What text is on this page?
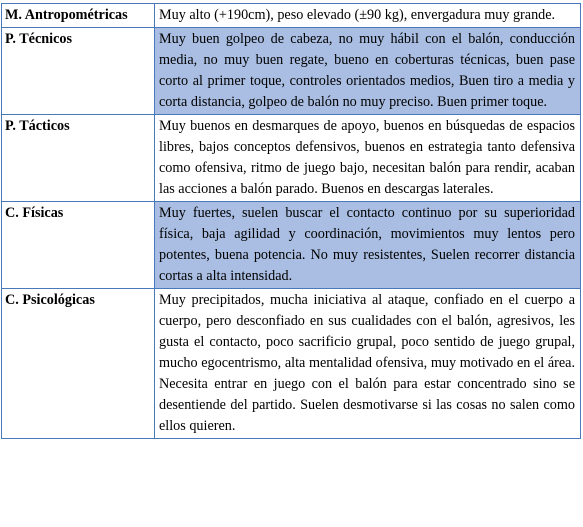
M. Antropométricas	Muy alto (+190cm), peso elevado (±90 kg), envergadura muy grande.
P. Técnicos	Muy buen golpeo de cabeza, no muy hábil con el balón, conducción media, no muy buen regate, bueno en coberturas técnicas, buen pase corto al primer toque, controles orientados medios, Buen tiro a media y corta distancia, golpeo de balón no muy preciso. Buen primer toque.
P. Tácticos	Muy buenos en desmarques de apoyo, buenos en búsquedas de espacios libres, bajos conceptos defensivos, buenos en estrategia tanto defensiva como ofensiva, ritmo de juego bajo, necesitan balón para rendir, acaban las acciones a balón parado. Buenos en descargas laterales.
C. Físicas	Muy fuertes, suelen buscar el contacto continuo por su superioridad física, baja agilidad y coordinación, movimientos muy lentos pero potentes, buena potencia. No muy resistentes, Suelen recorrer distancia cortas a alta intensidad.
C. Psicológicas	Muy precipitados, mucha iniciativa al ataque, confiado en el cuerpo a cuerpo, pero desconfiado en sus cualidades con el balón, agresivos, les gusta el contacto, poco sacrificio grupal, poco sentido de juego grupal, mucho egocentrismo, alta mentalidad ofensiva, muy motivado en el área. Necesita entrar en juego con el balón para estar concentrado sino se desentiende del partido. Suelen desmotivarse si las cosas no salen como ellos quieren.
